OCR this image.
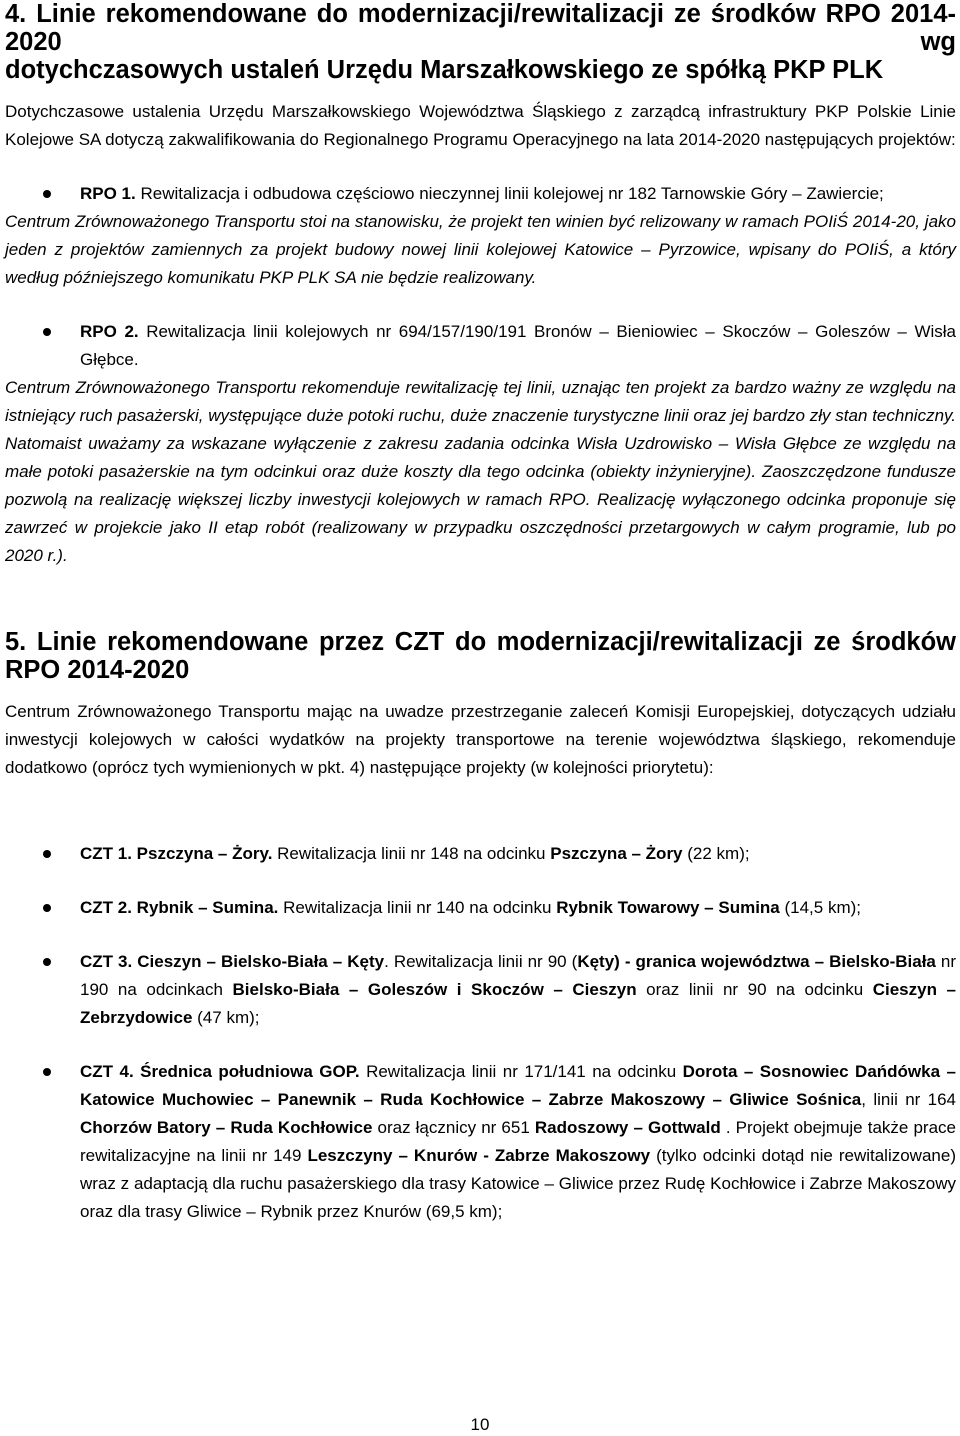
4. Linie rekomendowane do modernizacji/rewitalizacji ze środków RPO 2014-2020 wg
dotychczasowych ustaleń Urzędu Marszałkowskiego ze spółką PKP PLK

Dotychczasowe ustalenia Urzędu Marszałkowskiego Województwa Śląskiego z zarządcą infrastruktury PKP Polskie Linie Kolejowe SA dotyczą zakwalifikowania do Regionalnego Programu Operacyjnego na lata 2014-2020 następujących projektów:

RPO 1. Rewitalizacja i odbudowa częściowo nieczynnej linii kolejowej nr 182 Tarnowskie Góry – Zawiercie;

Centrum Zrównoważonego Transportu stoi na stanowisku, że projekt ten winien być relizowany w ramach POIiŚ 2014-20, jako jeden z projektów zamiennych za projekt budowy nowej linii kolejowej Katowice – Pyrzowice, wpisany do POIiŚ, a który według późniejszego komunikatu PKP PLK SA nie będzie realizowany.

RPO 2. Rewitalizacja linii kolejowych nr 694/157/190/191 Bronów – Bieniowiec – Skoczów – Goleszów – Wisła Głębce.

Centrum Zrównoważonego Transportu rekomenduje rewitalizację tej linii, uznając ten projekt za bardzo ważny ze względu na istniejący ruch pasażerski, występujące duże potoki ruchu, duże znaczenie turystyczne linii oraz jej bardzo zły stan techniczny. Natomaist uważamy za wskazane wyłączenie z zakresu zadania odcinka Wisła Uzdrowisko – Wisła Głębce ze względu na małe potoki pasażerskie na tym odcinkui oraz duże koszty dla tego odcinka (obiekty inżynieryjne). Zaoszczędzone fundusze pozwolą na realizację większej liczby inwestycji kolejowych w ramach RPO. Realizację wyłączonego odcinka proponuje się zawrzeć w projekcie jako II etap robót (realizowany w przypadku oszczędności przetargowych w całym programie, lub po 2020 r.).

5. Linie rekomendowane przez CZT do modernizacji/rewitalizacji ze środków RPO 2014-2020

Centrum Zrównoważonego Transportu mając na uwadze przestrzeganie zaleceń Komisji Europejskiej, dotyczących udziału inwestycji kolejowych w całości wydatków na projekty transportowe na terenie województwa śląskiego, rekomenduje dodatkowo (oprócz tych wymienionych w pkt. 4) następujące projekty (w kolejności priorytetu):

CZT 1. Pszczyna – Żory. Rewitalizacja linii nr 148 na odcinku Pszczyna – Żory (22 km);
CZT 2. Rybnik – Sumina. Rewitalizacja linii nr 140 na odcinku Rybnik Towarowy – Sumina (14,5 km);
CZT 3. Cieszyn – Bielsko-Biała – Kęty. Rewitalizacja linii nr 90 (Kęty) - granica województwa – Bielsko-Biała nr 190 na odcinkach Bielsko-Biała – Goleszów i Skoczów – Cieszyn oraz linii nr 90 na odcinku Cieszyn – Zebrzydowice (47 km);
CZT 4. Średnica południowa GOP. Rewitalizacja linii nr 171/141 na odcinku Dorota – Sosnowiec Dańdówka – Katowice Muchowiec – Panewnik – Ruda Kochłowice – Zabrze Makoszowy – Gliwice Sośnica, linii nr 164 Chorzów Batory – Ruda Kochłowice oraz łącznicy nr 651 Radoszowy – Gottwald . Projekt obejmuje także prace rewitalizacyjne na linii nr 149 Leszczyny – Knurów - Zabrze Makoszowy (tylko odcinki dotąd nie rewitalizowane) wraz z adaptacją dla ruchu pasażerskiego dla trasy Katowice – Gliwice przez Rudę Kochłowice i Zabrze Makoszowy oraz dla trasy Gliwice – Rybnik przez Knurów (69,5 km);
10
